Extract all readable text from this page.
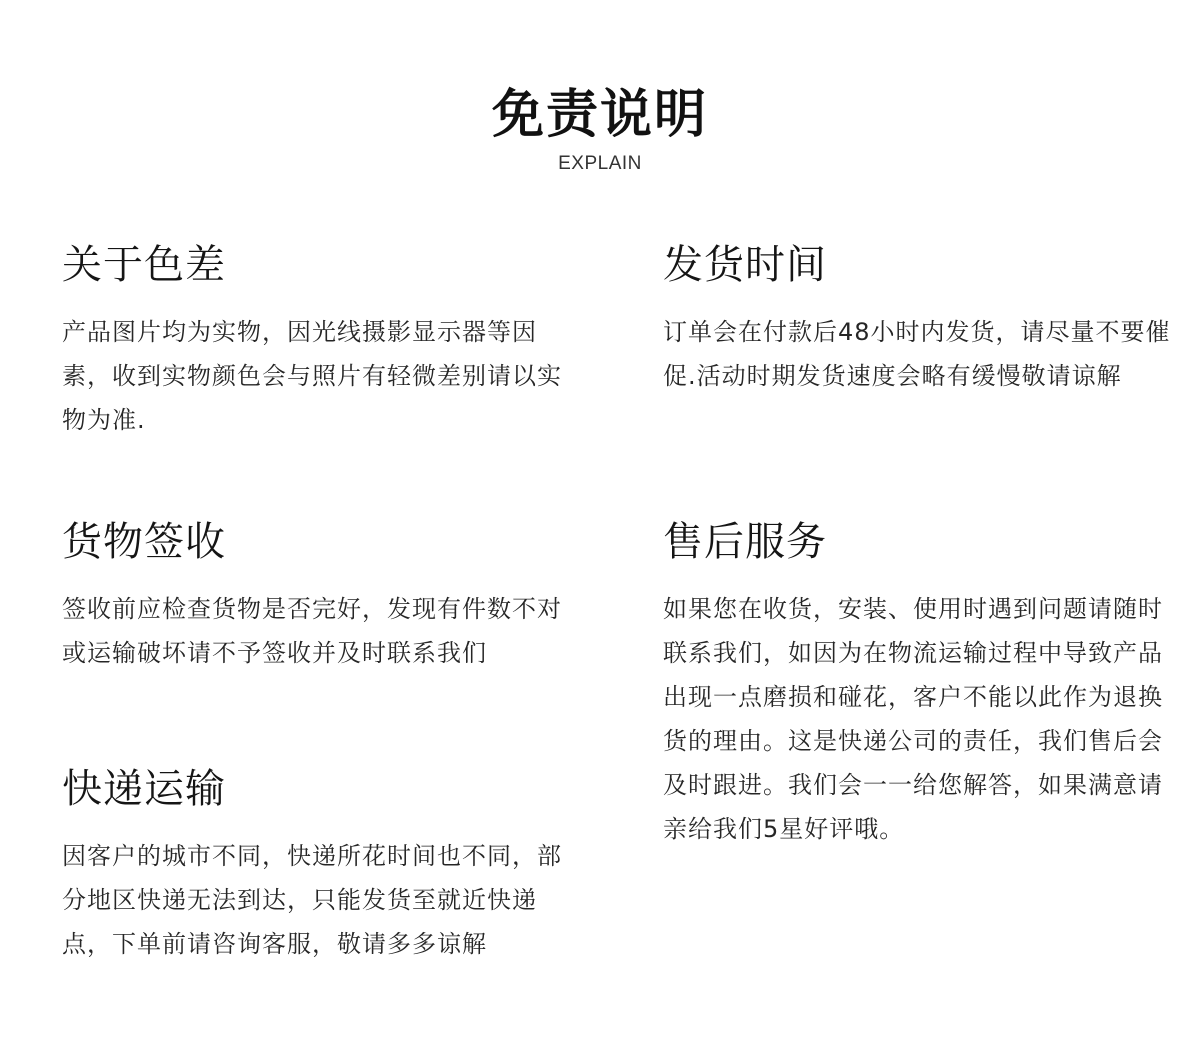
免责说明
EXPLAIN
关于色差
产品图片均为实物，因光线摄影显示器等因素，收到实物颜色会与照片有轻微差别请以实物为准.
货物签收
签收前应检查货物是否完好，发现有件数不对或运输破坏请不予签收并及时联系我们
快递运输
因客户的城市不同，快递所花时间也不同，部分地区快递无法到达，只能发货至就近快递点，下单前请咨询客服，敬请多多谅解
发货时间
订单会在付款后48小时内发货，请尽量不要催促.活动时期发货速度会略有缓慢敬请谅解
售后服务
如果您在收货，安装、使用时遇到问题请随时联系我们，如因为在物流运输过程中导致产品出现一点磨损和碰花，客户不能以此作为退换货的理由。这是快递公司的责任，我们售后会及时跟进。我们会一一给您解答，如果满意请亲给我们5星好评哦。
